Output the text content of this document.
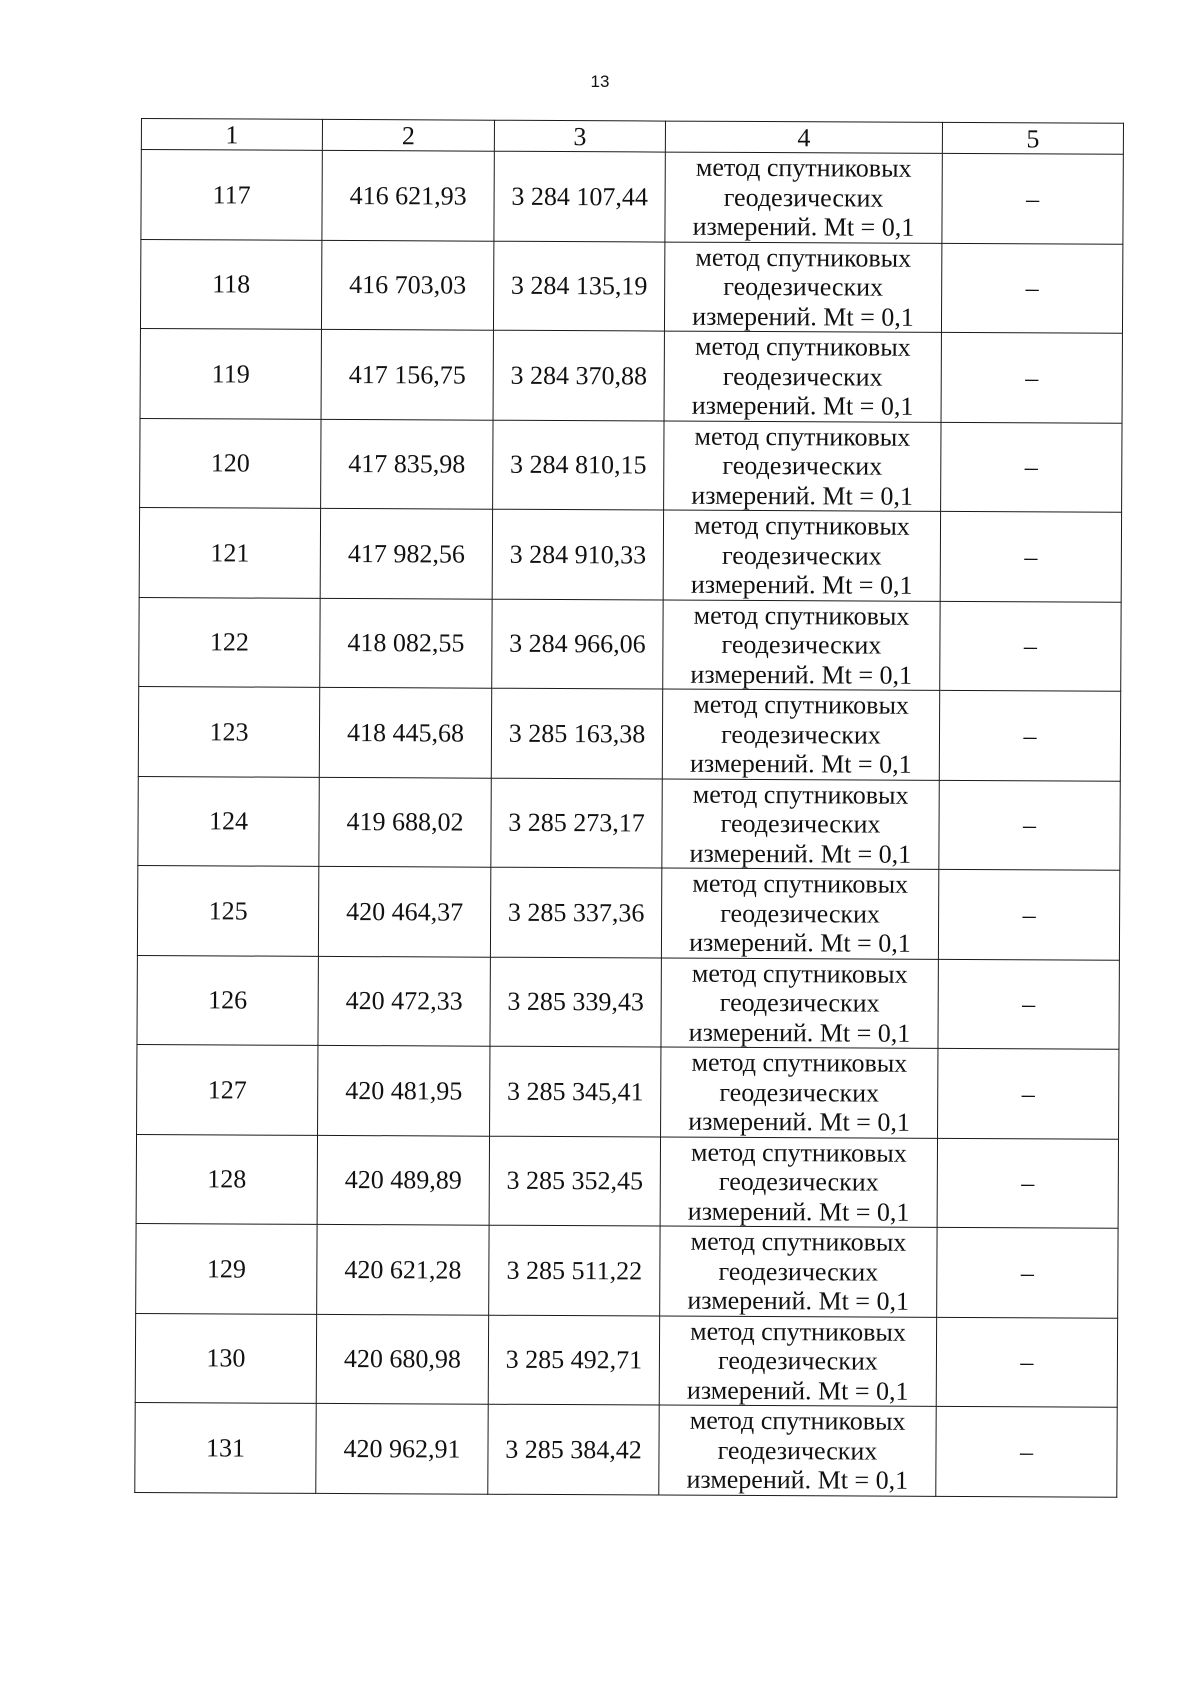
13
1	2	3	4	5
117	416 621,93	3 284 107,44	метод спутниковых
геодезических
измерений. Mt = 0,1	–
118	416 703,03	3 284 135,19	метод спутниковых
геодезических
измерений. Mt = 0,1	–
119	417 156,75	3 284 370,88	метод спутниковых
геодезических
измерений. Mt = 0,1	–
120	417 835,98	3 284 810,15	метод спутниковых
геодезических
измерений. Mt = 0,1	–
121	417 982,56	3 284 910,33	метод спутниковых
геодезических
измерений. Mt = 0,1	–
122	418 082,55	3 284 966,06	метод спутниковых
геодезических
измерений. Mt = 0,1	–
123	418 445,68	3 285 163,38	метод спутниковых
геодезических
измерений. Mt = 0,1	–
124	419 688,02	3 285 273,17	метод спутниковых
геодезических
измерений. Mt = 0,1	–
125	420 464,37	3 285 337,36	метод спутниковых
геодезических
измерений. Mt = 0,1	–
126	420 472,33	3 285 339,43	метод спутниковых
геодезических
измерений. Mt = 0,1	–
127	420 481,95	3 285 345,41	метод спутниковых
геодезических
измерений. Mt = 0,1	–
128	420 489,89	3 285 352,45	метод спутниковых
геодезических
измерений. Mt = 0,1	–
129	420 621,28	3 285 511,22	метод спутниковых
геодезических
измерений. Mt = 0,1	–
130	420 680,98	3 285 492,71	метод спутниковых
геодезических
измерений. Mt = 0,1	–
131	420 962,91	3 285 384,42	метод спутниковых
геодезических
измерений. Mt = 0,1	–
